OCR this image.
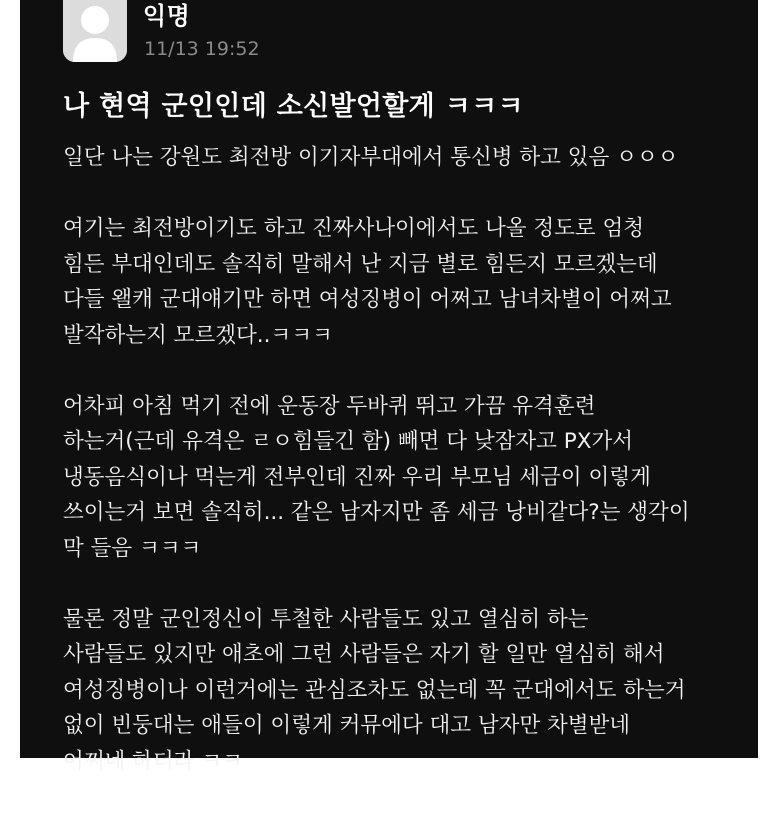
익명
11/13 19:52
나 현역 군인인데 소신발언할게 ㅋㅋㅋ
일단 나는 강원도 최전방 이기자부대에서 통신병 하고 있음 ㅇㅇㅇ
여기는 최전방이기도 하고 진짜사나이에서도 나올 정도로 엄청
힘든 부대인데도 솔직히 말해서 난 지금 별로 힘든지 모르겠는데
다들 왤캐 군대얘기만 하면 여성징병이 어쩌고 남녀차별이 어쩌고
발작하는지 모르겠다..ㅋㅋㅋ
어차피 아침 먹기 전에 운동장 두바퀴 뛰고 가끔 유격훈련
하는거(근데 유격은 ㄹㅇ힘들긴 함) 빼면 다 낮잠자고 PX가서
냉동음식이나 먹는게 전부인데 진짜 우리 부모님 세금이 이렇게
쓰이는거 보면 솔직히... 같은 남자지만 좀 세금 낭비같다?는 생각이
막 들음 ㅋㅋㅋ
물론 정말 군인정신이 투철한 사람들도 있고 열심히 하는
사람들도 있지만 애초에 그런 사람들은 자기 할 일만 열심히 해서
여성징병이나 이런거에는 관심조차도 없는데 꼭 군대에서도 하는거
없이 빈둥대는 애들이 이렇게 커뮤에다 대고 남자만 차별받네
어쩌네 하더라 ㅋㅋ
